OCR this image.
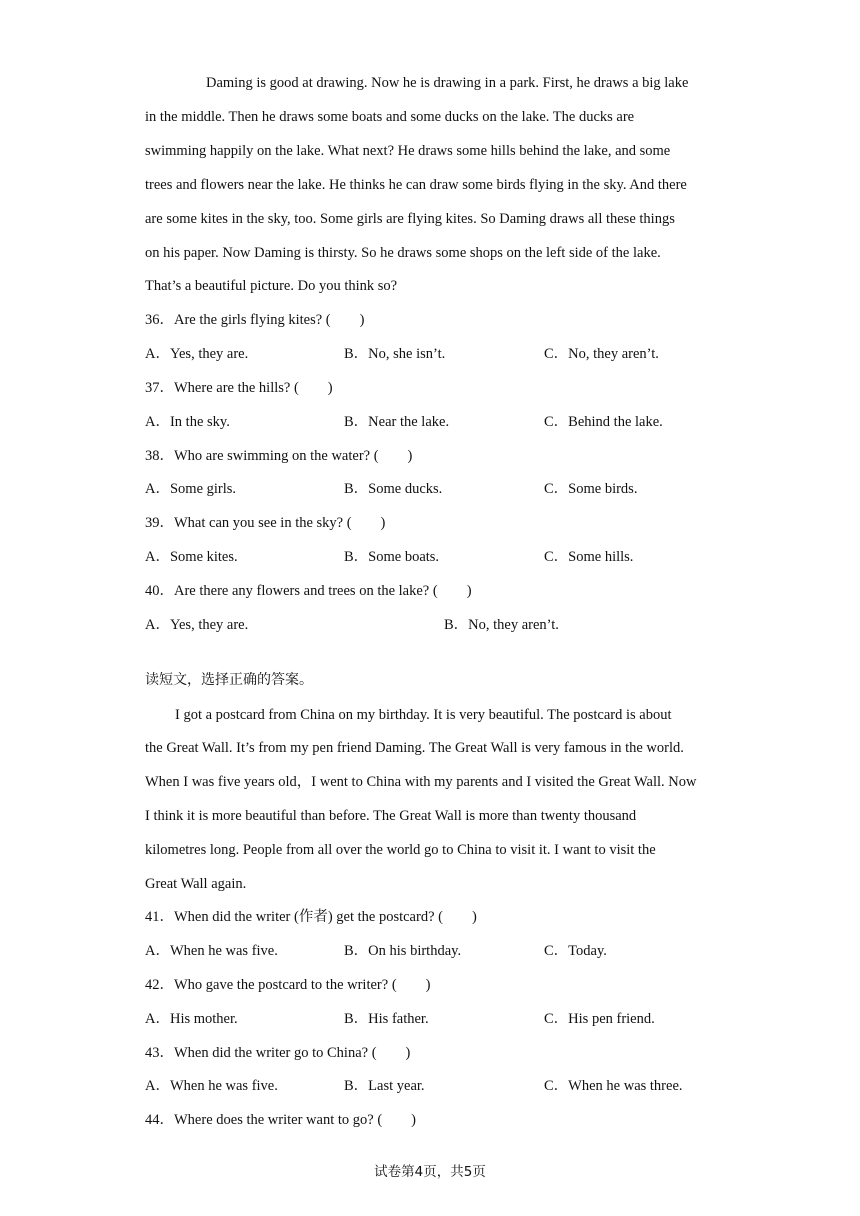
Daming is good at drawing. Now he is drawing in a park. First, he draws a big lake
in the middle. Then he draws some boats and some ducks on the lake. The ducks are
swimming happily on the lake. What next? He draws some hills behind the lake, and some
trees and flowers near the lake. He thinks he can draw some birds flying in the sky. And there
are some kites in the sky, too. Some girls are flying kites. So Daming draws all these things
on his paper. Now Daming is thirsty. So he draws some shops on the left side of the lake.
That’s a beautiful picture. Do you think so?
36．Are the girls flying kites? (　　)
A．Yes, they are.	B．No, she isn’t.	C．No, they aren’t.
37．Where are the hills? (　　)
A．In the sky.	B．Near the lake.	C．Behind the lake.
38．Who are swimming on the water? (　　)
A．Some girls.	B．Some ducks.	C．Some birds.
39．What can you see in the sky? (　　)
A．Some kites.	B．Some boats.	C．Some hills.
40．Are there any flowers and trees on the lake? (　　)
A．Yes, they are.	B．No, they aren’t.
读短文，选择正确的答案。
I got a postcard from China on my birthday. It is very beautiful. The postcard is about
the Great Wall. It’s from my pen friend Daming. The Great Wall is very famous in the world.
When I was five years old，I went to China with my parents and I visited the Great Wall. Now
I think it is more beautiful than before. The Great Wall is more than twenty thousand
kilometres long. People from all over the world go to China to visit it. I want to visit the
Great Wall again.
41．When did the writer (作者) get the postcard? (　　)
A．When he was five.	B．On his birthday.	C．Today.
42．Who gave the postcard to the writer? (　　)
A．His mother.	B．His father.	C．His pen friend.
43．When did the writer go to China? (　　)
A．When he was five.	B．Last year.	C．When he was three.
44．Where does the writer want to go? (　　)
试卷第4页，共5页
